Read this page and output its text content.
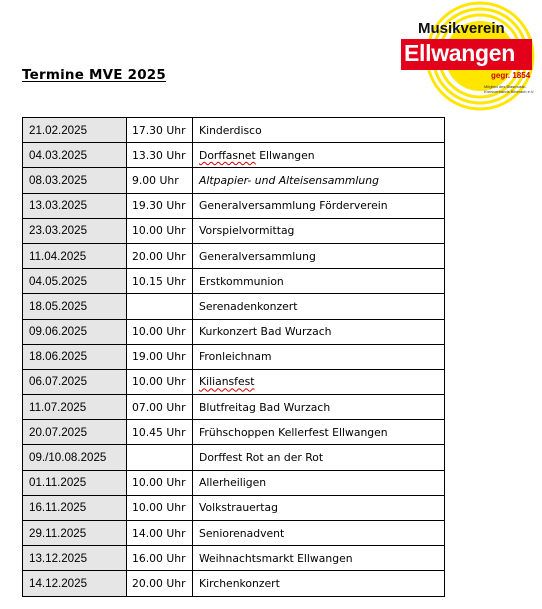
Termine MVE 2025
Musikverein
Ellwangen
gegr. 1854
Mitglied des Blasmusik-Kreisverbands Biberach e.V.
21.02.2025	17.30 Uhr	Kinderdisco
04.03.2025	13.30 Uhr	Dorffasnet Ellwangen
08.03.2025	9.00 Uhr	Altpapier- und Alteisensammlung
13.03.2025	19.30 Uhr	Generalversammlung Förderverein
23.03.2025	10.00 Uhr	Vorspielvormittag
11.04.2025	20.00 Uhr	Generalversammlung
04.05.2025	10.15 Uhr	Erstkommunion
18.05.2025		Serenadenkonzert
09.06.2025	10.00 Uhr	Kurkonzert Bad Wurzach
18.06.2025	19.00 Uhr	Fronleichnam
06.07.2025	10.00 Uhr	Kiliansfest
11.07.2025	07.00 Uhr	Blutfreitag Bad Wurzach
20.07.2025	10.45 Uhr	Frühschoppen Kellerfest Ellwangen
09./10.08.2025		Dorffest Rot an der Rot
01.11.2025	10.00 Uhr	Allerheiligen
16.11.2025	10.00 Uhr	Volkstrauertag
29.11.2025	14.00 Uhr	Seniorenadvent
13.12.2025	16.00 Uhr	Weihnachtsmarkt Ellwangen
14.12.2025	20.00 Uhr	Kirchenkonzert
